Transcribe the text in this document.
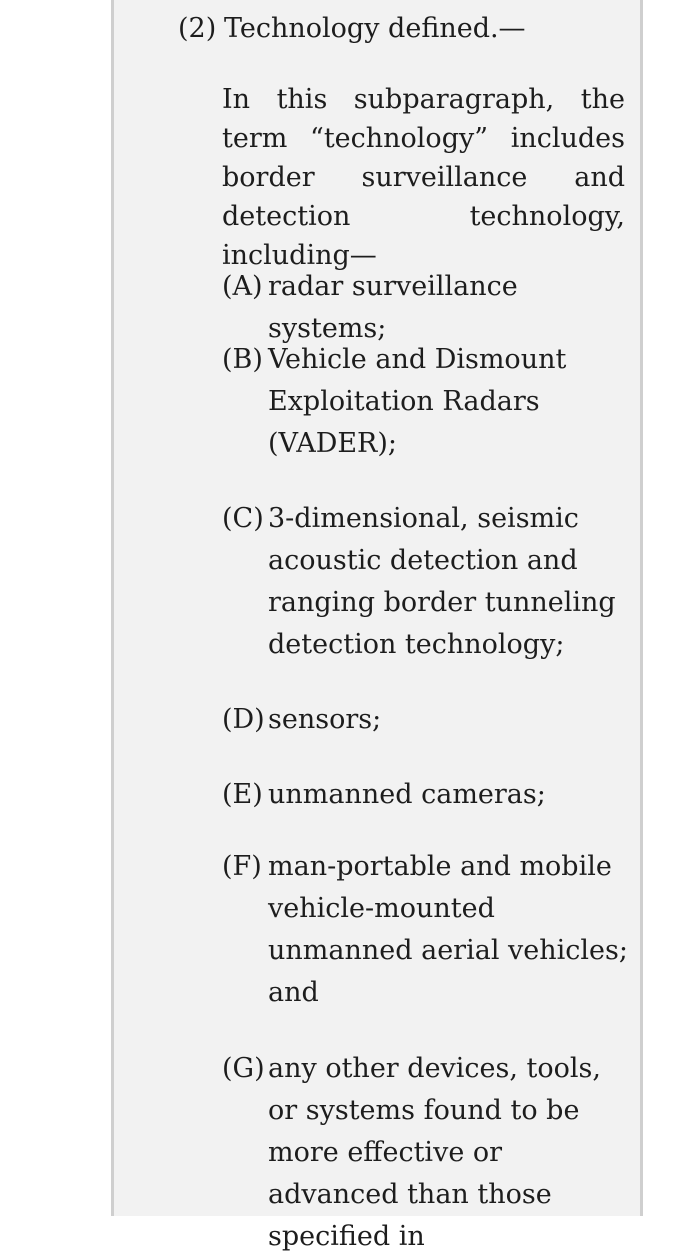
(2) Technology defined.—

In this subparagraph, the term “technology” includes border surveillance and detection technology, including—

(A) radar surveillance systems;

(B) Vehicle and Dismount Exploitation Radars (VADER);

(C) 3-dimensional, seismic acoustic detection and ranging border tunneling detection technology;

(D) sensors;

(E) unmanned cameras;

(F) man-portable and mobile vehicle-mounted unmanned aerial vehicles; and

(G) any other devices, tools, or systems found to be more effective or advanced than those specified in
